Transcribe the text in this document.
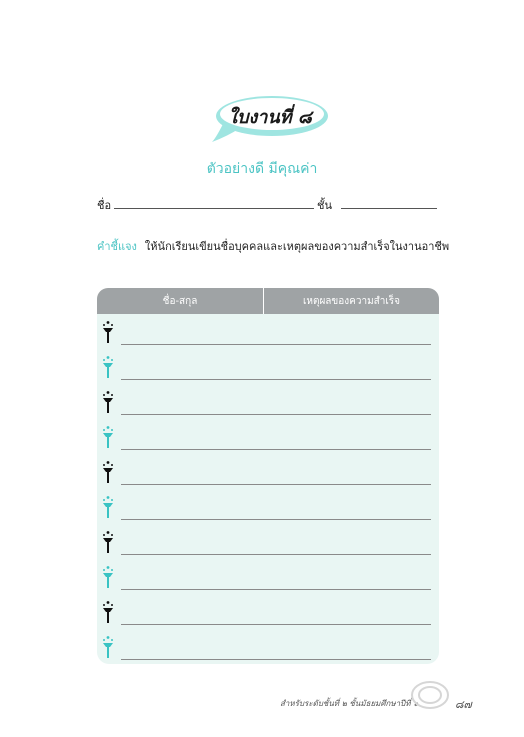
ใบงานที่ ๘
ตัวอย่างดี มีคุณค่า
ชื่อ	ชั้น
คำชี้แจง ให้นักเรียนเขียนชื่อบุคคลและเหตุผลของความสำเร็จในงานอาชีพ
ชื่อ-สกุล	เหตุผลของความสำเร็จ
สำหรับระดับชั้นที่ ๒ ชั้นมัธยมศึกษาปีที่ ๖	๘๗
